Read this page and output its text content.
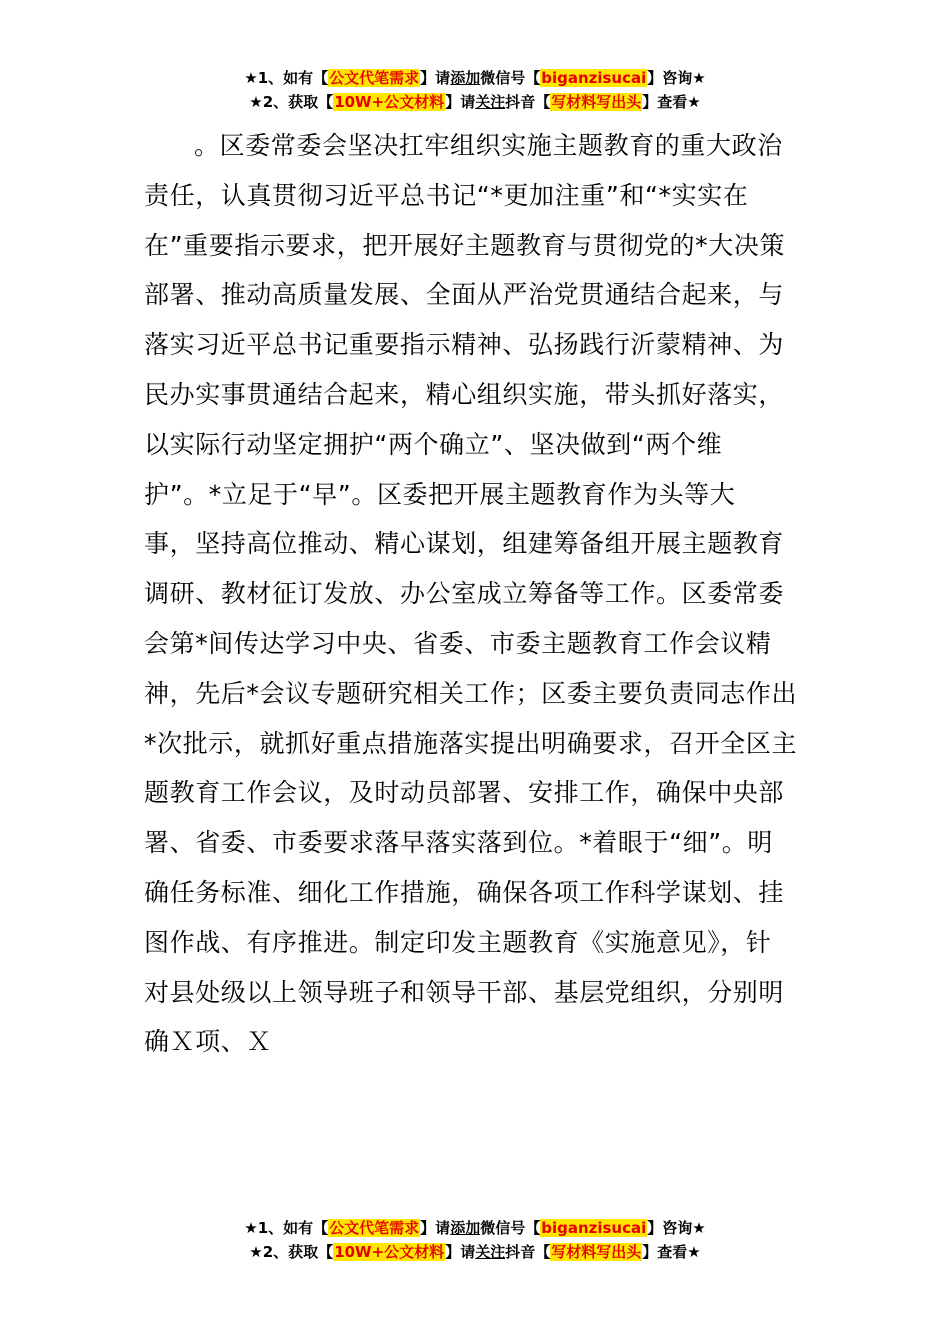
★1、如有【公文代笔需求】请添加微信号【biganzisucai】咨询★
★2、获取【10W+公文材料】请关注抖音【写材料写出头】查看★
。区委常委会坚决扛牢组织实施主题教育的重大政治
责任，认真贯彻习近平总书记“*更加注重”和“*实实在
在”重要指示要求，把开展好主题教育与贯彻党的*大决策
部署、推动高质量发展、全面从严治党贯通结合起来，与
落实习近平总书记重要指示精神、弘扬践行沂蒙精神、为
民办实事贯通结合起来，精心组织实施，带头抓好落实，
以实际行动坚定拥护“两个确立”、坚决做到“两个维
护”。*立足于“早”。区委把开展主题教育作为头等大
事，坚持高位推动、精心谋划，组建筹备组开展主题教育
调研、教材征订发放、办公室成立筹备等工作。区委常委
会第*间传达学习中央、省委、市委主题教育工作会议精
神，先后*会议专题研究相关工作；区委主要负责同志作出
*次批示，就抓好重点措施落实提出明确要求，召开全区主
题教育工作会议，及时动员部署、安排工作，确保中央部
署、省委、市委要求落早落实落到位。*着眼于“细”。明
确任务标准、细化工作措施，确保各项工作科学谋划、挂
图作战、有序推进。制定印发主题教育《实施意见》，针
对县处级以上领导班子和领导干部、基层党组织，分别明
确Ｘ项、Ｘ
★1、如有【公文代笔需求】请添加微信号【biganzisucai】咨询★
★2、获取【10W+公文材料】请关注抖音【写材料写出头】查看★
